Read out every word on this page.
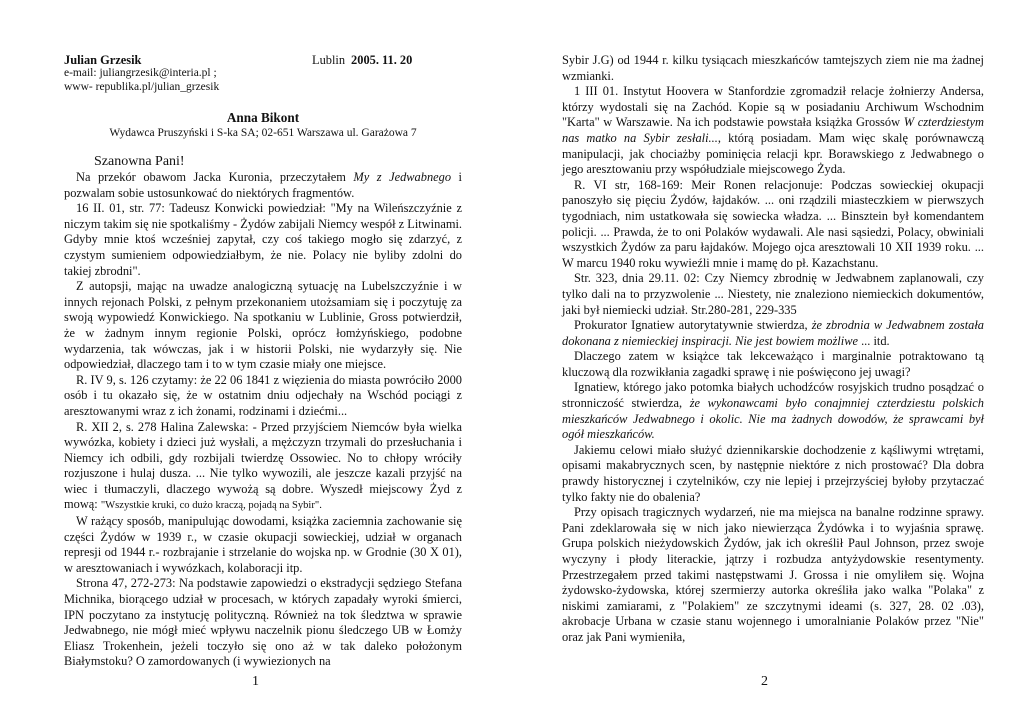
Julian Grzesik	Lublin 2005. 11. 20
e-mail: juliangrzesik@interia.pl ;
www- republika.pl/julian_grzesik
Anna Bikont
Wydawca Pruszyński i S-ka SA; 02-651 Warszawa ul. Garażowa 7
Szanowna Pani!

Na przekór obawom Jacka Kuronia, przeczytałem My z Jedwabnego i pozwalam sobie ustosunkować do niektórych fragmentów.

16 II. 01, str. 77: Tadeusz Konwicki powiedział: "My na Wileńszczyźnie z niczym takim się nie spotkaliśmy - Żydów zabijali Niemcy wespół z Litwinami. Gdyby mnie ktoś wcześniej zapytał, czy coś takiego mogło się zdarzyć, z czystym sumieniem odpowiedziałbym, że nie. Polacy nie byliby zdolni do takiej zbrodni".

Z autopsji, mając na uwadze analogiczną sytuację na Lubelszczyźnie i w innych rejonach Polski, z pełnym przekonaniem utożsamiam się i poczytuję za swoją wypowiedź Konwickiego. Na spotkaniu w Lublinie, Gross potwierdził, że w żadnym innym regionie Polski, oprócz łomżyńskiego, podobne wydarzenia, tak wówczas, jak i w historii Polski, nie wydarzyły się. Nie odpowiedział, dlaczego tam i to w tym czasie miały one miejsce.

R. IV 9, s. 126 czytamy: że 22 06 1841 z więzienia do miasta powróciło 2000 osób i tu okazało się, że w ostatnim dniu odjechały na Wschód pociągi z aresztowanymi wraz z ich żonami, rodzinami i dziećmi...

R. XII 2, s. 278 Halina Zalewska: - Przed przyjściem Niemców była wielka wywózka, kobiety i dzieci już wysłali, a mężczyzn trzymali do przesłuchania i Niemcy ich odbili, gdy rozbijali twierdzę Ossowiec. No to chłopy wróciły rozjuszone i hulaj dusza. ... Nie tylko wywozili, ale jeszcze kazali przyjść na wiec i tłumaczyli, dlaczego wywożą są dobre. Wyszedł miejscowy Żyd z mową: "Wszystkie kruki, co dużo kraczą, pojadą na Sybir".

W rażący sposób, manipulując dowodami, książka zaciemnia zachowanie się części Żydów w 1939 r., w czasie okupacji sowieckiej, udział w organach represji od 1944 r.- rozbrajanie i strzelanie do wojska np. w Grodnie (30 X 01), w aresztowaniach i wywózkach, kolaboracji itp.

Strona 47, 272-273: Na podstawie zapowiedzi o ekstradycji sędziego Stefana Michnika, biorącego udział w procesach, w których zapadały wyroki śmierci, IPN poczytano za instytucję polityczną. Również na tok śledztwa w sprawie Jedwabnego, nie mógł mieć wpływu naczelnik pionu śledczego UB w Łomży Eliasz Trokenhein, jeżeli toczyło się ono aż w tak daleko położonym Białymstoku? O zamordowanych (i wywiezionych na

1

Sybir J.G) od 1944 r. kilku tysiącach mieszkańców tamtejszych ziem nie ma żadnej wzmianki.

1 III 01. Instytut Hoovera w Stanfordzie zgromadził relacje żołnierzy Andersa, którzy wydostali się na Zachód. Kopie są w posiadaniu Archiwum Wschodnim "Karta" w Warszawie. Na ich podstawie powstała książka Grossów W czterdziestym nas matko na Sybir zesłali..., którą posiadam. Mam więc skalę porównawczą manipulacji, jak chociażby pominięcia relacji kpr. Borawskiego z Jedwabnego o jego aresztowaniu przy współudziale miejscowego Żyda.

R. VI str, 168-169: Meir Ronen relacjonuje: Podczas sowieckiej okupacji panoszyło się pięciu Żydów, łajdaków. ... oni rządzili miasteczkiem w pierwszych tygodniach, nim ustatkowała się sowiecka władza. ... Binsztein był komendantem policji. ... Prawda, że to oni Polaków wydawali. Ale nasi sąsiedzi, Polacy, obwiniali wszystkich Żydów za paru łajdaków. Mojego ojca aresztowali 10 XII 1939 roku. ... W marcu 1940 roku wywieźli mnie i mamę do pł. Kazachstanu.

Str. 323, dnia 29.11. 02: Czy Niemcy zbrodnię w Jedwabnem zaplanowali, czy tylko dali na to przyzwolenie ... Niestety, nie znaleziono niemieckich dokumentów, jaki był niemiecki udział. Str.280-281, 229-335

Prokurator Ignatiew autorytatywnie stwierdza, że zbrodnia w Jedwabnem została dokonana z niemieckiej inspiracji. Nie jest bowiem możliwe ... itd.

Dlaczego zatem w książce tak lekceważąco i marginalnie potraktowano tą kluczową dla rozwikłania zagadki sprawę i nie poświęcono jej uwagi?

Ignatiew, którego jako potomka białych uchodźców rosyjskich trudno posądzać o stronniczość stwierdza, że wykonawcami było conajmniej czterdziestu polskich mieszkańców Jedwabnego i okolic. Nie ma żadnych dowodów, że sprawcami był ogół mieszkańców.

Jakiemu celowi miało służyć dziennikarskie dochodzenie z kąśliwymi wtrętami, opisami makabrycznych scen, by następnie niektóre z nich prostować? Dla dobra prawdy historycznej i czytelników, czy nie lepiej i przejrzyściej byłoby przytaczać tylko fakty nie do obalenia?

Przy opisach tragicznych wydarzeń, nie ma miejsca na banalne rodzinne sprawy. Pani zdeklarowała się w nich jako niewierząca Żydówka i to wyjaśnia sprawę. Grupa polskich nieżydowskich Żydów, jak ich określił Paul Johnson, przez swoje wyczyny i płody literackie, jątrzy i rozbudza antyżydowskie resentymenty. Przestrzegałem przed takimi następstwami J. Grossa i nie omyliłem się. Wojna żydowsko-żydowska, której szermierzy autorka określiła jako walka "Polaka" z niskimi zamiarami, z "Polakiem" ze szczytnymi ideami (s. 327, 28. 02 .03), akrobacje Urbana w czasie stanu wojennego i umoralnianie Polaków przez "Nie" oraz jak Pani wymieniła,

2
